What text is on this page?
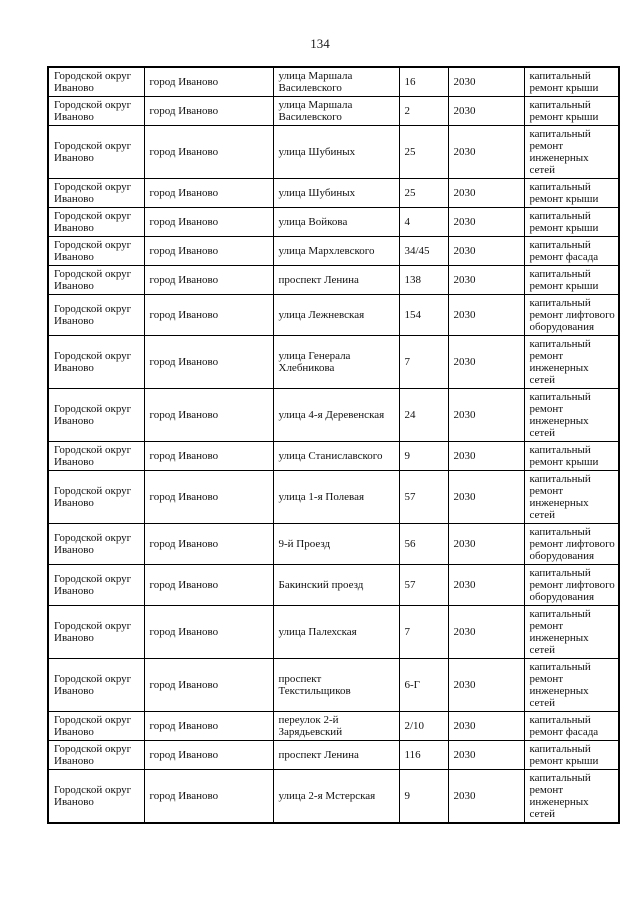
134
Городской округ Иваново	город Иваново	улица Маршала Василевского	16	2030	капитальный ремонт крыши
Городской округ Иваново	город Иваново	улица Маршала Василевского	2	2030	капитальный ремонт крыши
Городской округ Иваново	город Иваново	улица Шубиных	25	2030	капитальный ремонт инженерных сетей
Городской округ Иваново	город Иваново	улица Шубиных	25	2030	капитальный ремонт крыши
Городской округ Иваново	город Иваново	улица Войкова	4	2030	капитальный ремонт крыши
Городской округ Иваново	город Иваново	улица Мархлевского	34/45	2030	капитальный ремонт фасада
Городской округ Иваново	город Иваново	проспект Ленина	138	2030	капитальный ремонт крыши
Городской округ Иваново	город Иваново	улица Лежневская	154	2030	капитальный ремонт лифтового оборудования
Городской округ Иваново	город Иваново	улица Генерала Хлебникова	7	2030	капитальный ремонт инженерных сетей
Городской округ Иваново	город Иваново	улица 4-я Деревенская	24	2030	капитальный ремонт инженерных сетей
Городской округ Иваново	город Иваново	улица Станиславского	9	2030	капитальный ремонт крыши
Городской округ Иваново	город Иваново	улица 1-я Полевая	57	2030	капитальный ремонт инженерных сетей
Городской округ Иваново	город Иваново	9-й Проезд	56	2030	капитальный ремонт лифтового оборудования
Городской округ Иваново	город Иваново	Бакинский проезд	57	2030	капитальный ремонт лифтового оборудования
Городской округ Иваново	город Иваново	улица Палехская	7	2030	капитальный ремонт инженерных сетей
Городской округ Иваново	город Иваново	проспект Текстильщиков	6-Г	2030	капитальный ремонт инженерных сетей
Городской округ Иваново	город Иваново	переулок 2-й Зарядьевский	2/10	2030	капитальный ремонт фасада
Городской округ Иваново	город Иваново	проспект Ленина	116	2030	капитальный ремонт крыши
Городской округ Иваново	город Иваново	улица 2-я Мстерская	9	2030	капитальный ремонт инженерных сетей
